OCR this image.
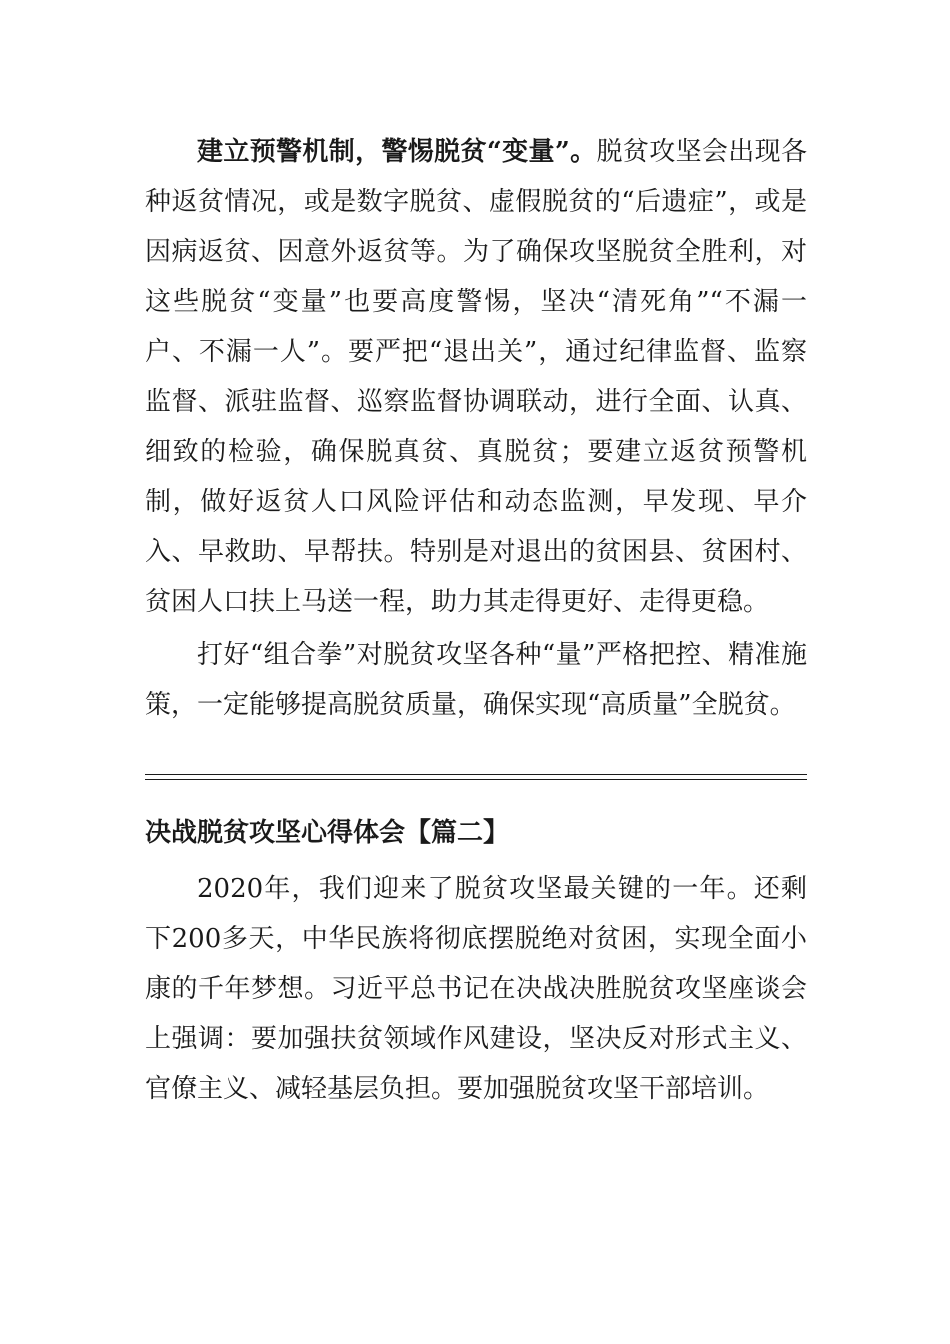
建立预警机制，警惕脱贫“变量”。脱贫攻坚会出现各种返贫情况，或是数字脱贫、虚假脱贫的“后遗症”，或是因病返贫、因意外返贫等。为了确保攻坚脱贫全胜利，对这些脱贫“变量”也要高度警惕，坚决“清死角”“不漏一户、不漏一人”。要严把“退出关”，通过纪律监督、监察监督、派驻监督、巡察监督协调联动，进行全面、认真、细致的检验，确保脱真贫、真脱贫；要建立返贫预警机制，做好返贫人口风险评估和动态监测，早发现、早介入、早救助、早帮扶。特别是对退出的贫困县、贫困村、贫困人口扶上马送一程，助力其走得更好、走得更稳。

打好“组合拳”对脱贫攻坚各种“量”严格把控、精准施策，一定能够提高脱贫质量，确保实现“高质量”全脱贫。

决战脱贫攻坚心得体会【篇二】

2020年，我们迎来了脱贫攻坚最关键的一年。还剩下200多天，中华民族将彻底摆脱绝对贫困，实现全面小康的千年梦想。习近平总书记在决战决胜脱贫攻坚座谈会上强调：要加强扶贫领域作风建设，坚决反对形式主义、官僚主义、减轻基层负担。要加强脱贫攻坚干部培训。
